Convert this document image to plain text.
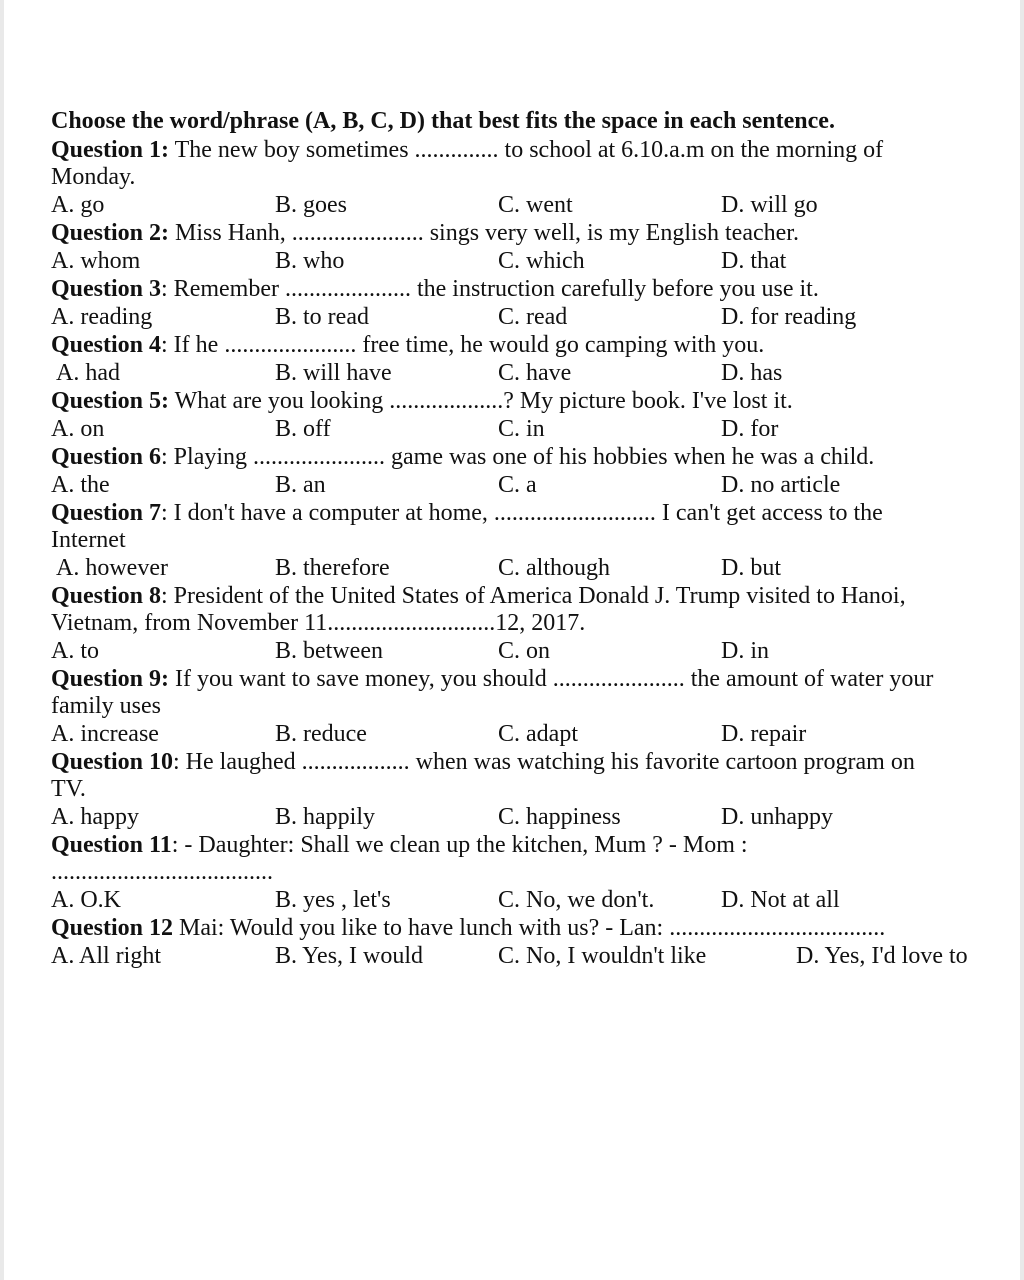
Choose the word/phrase (A, B, C, D) that best fits the space in each sentence.
Question 1: The new boy sometimes .............. to school at 6.10.a.m on the morning of
Monday.
A. go	B. goes	C. went	D. will go
Question 2: Miss Hanh, ...................... sings very well, is my English teacher.
A. whom	B. who	C. which	D. that
Question 3: Remember ..................... the instruction carefully before you use it.
A. reading	B. to read	C. read	D. for reading
Question 4: If he ...................... free time, he would go camping with you.
A. had	B. will have	C. have	D. has
Question 5: What are you looking ...................? My picture book. I've lost it.
A. on	B. off	C. in	D. for
Question 6: Playing ...................... game was one of his hobbies when he was a child.
A. the	B. an	C. a	D. no article
Question 7: I don't have a computer at home, ........................... I can't get access to the
Internet
A. however	B. therefore	C. although	D. but
Question 8: President of the United States of America Donald J. Trump visited to Hanoi,
Vietnam, from November 11............................12, 2017.
A. to	B. between	C. on	D. in
Question 9: If you want to save money, you should ...................... the amount of water your
family uses
A. increase	B. reduce	C. adapt	D. repair
Question 10: He laughed .................. when was watching his favorite cartoon program on
TV.
A. happy	B. happily	C. happiness	D. unhappy
Question 11: - Daughter: Shall we clean up the kitchen, Mum ? - Mom :
.....................................
A. O.K	B. yes , let's	C. No, we don't.	D. Not at all
Question 12 Mai: Would you like to have lunch with us? - Lan: ....................................
A. All right	B. Yes, I would	C. No, I wouldn't like	D. Yes, I'd love to
